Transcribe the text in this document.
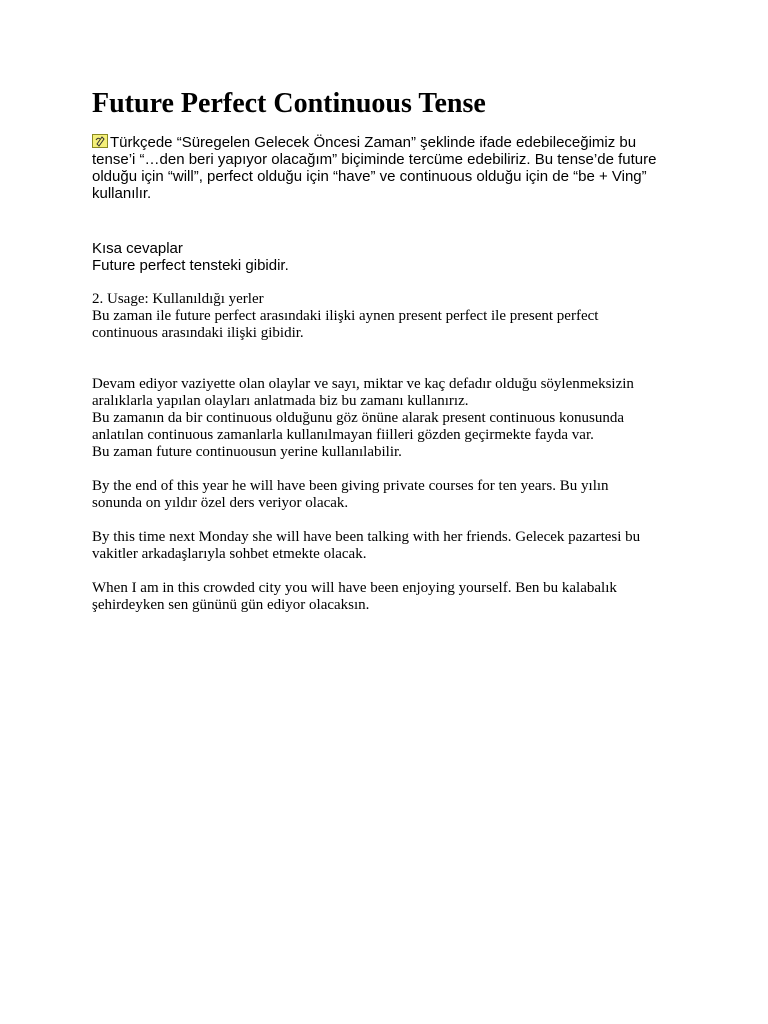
Future Perfect Continuous Tense

Türkçede “Süregelen Gelecek Öncesi Zaman” şeklinde ifade edebileceğimiz bu
tense’i “…den beri yapıyor olacağım” biçiminde tercüme edebiliriz. Bu tense’de future
olduğu için “will”, perfect olduğu için “have” ve continuous olduğu için de “be + Ving”
kullanılır.

Kısa cevaplar
Future perfect tensteki gibidir.

2. Usage: Kullanıldığı yerler
Bu zaman ile future perfect arasındaki ilişki aynen present perfect ile present perfect
continuous arasındaki ilişki gibidir.

Devam ediyor vaziyette olan olaylar ve sayı, miktar ve kaç defadır olduğu söylenmeksizin
aralıklarla yapılan olayları anlatmada biz bu zamanı kullanırız.
Bu zamanın da bir continuous olduğunu göz önüne alarak present continuous konusunda
anlatılan continuous zamanlarla kullanılmayan fiilleri gözden geçirmekte fayda var.
Bu zaman future continuousun yerine kullanılabilir.

By the end of this year he will have been giving private courses for ten years. Bu yılın
sonunda on yıldır özel ders veriyor olacak.

By this time next Monday she will have been talking with her friends. Gelecek pazartesi bu
vakitler arkadaşlarıyla sohbet etmekte olacak.

When I am in this crowded city you will have been enjoying yourself. Ben bu kalabalık
şehirdeyken sen gününü gün ediyor olacaksın.
